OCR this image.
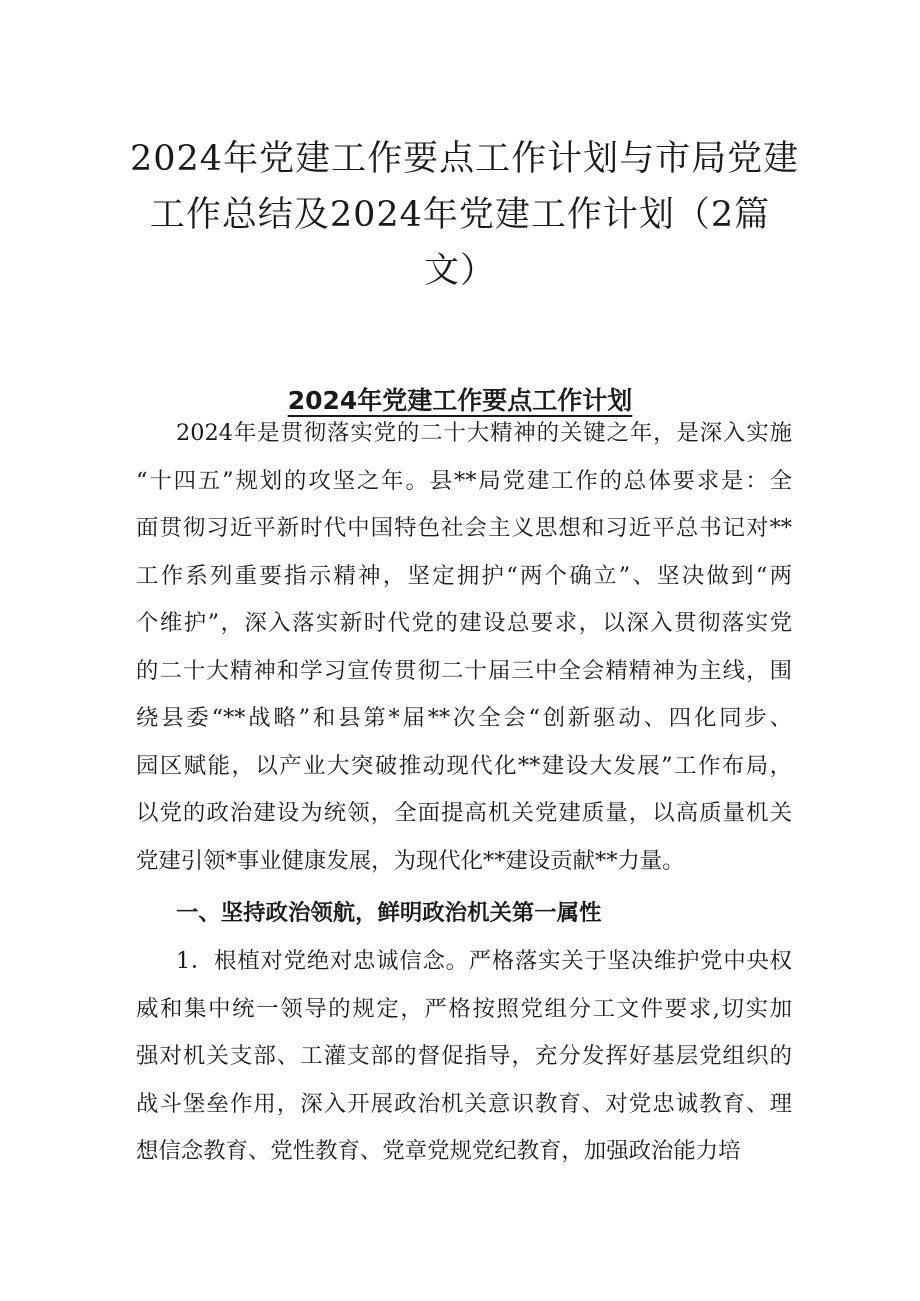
2024年党建工作要点工作计划与市局党建
工作总结及2024年党建工作计划（2篇
文）
2024年党建工作要点工作计划
2024年是贯彻落实党的二十大精神的关键之年，是深入实施
“十四五”规划的攻坚之年。县**局党建工作的总体要求是：全
面贯彻习近平新时代中国特色社会主义思想和习近平总书记对**
工作系列重要指示精神，坚定拥护“两个确立”、坚决做到“两
个维护”，深入落实新时代党的建设总要求，以深入贯彻落实党
的二十大精神和学习宣传贯彻二十届三中全会精精神为主线，围
绕县委“**战略”和县第*届**次全会“创新驱动、四化同步、
园区赋能，以产业大突破推动现代化**建设大发展”工作布局，
以党的政治建设为统领，全面提高机关党建质量，以高质量机关
党建引领*事业健康发展，为现代化**建设贡献**力量。
一、坚持政治领航，鲜明政治机关第一属性
1．根植对党绝对忠诚信念。严格落实关于坚决维护党中央权
威和集中统一领导的规定，严格按照党组分工文件要求,切实加
强对机关支部、工灌支部的督促指导，充分发挥好基层党组织的
战斗堡垒作用，深入开展政治机关意识教育、对党忠诚教育、理
想信念教育、党性教育、党章党规党纪教育，加强政治能力培
